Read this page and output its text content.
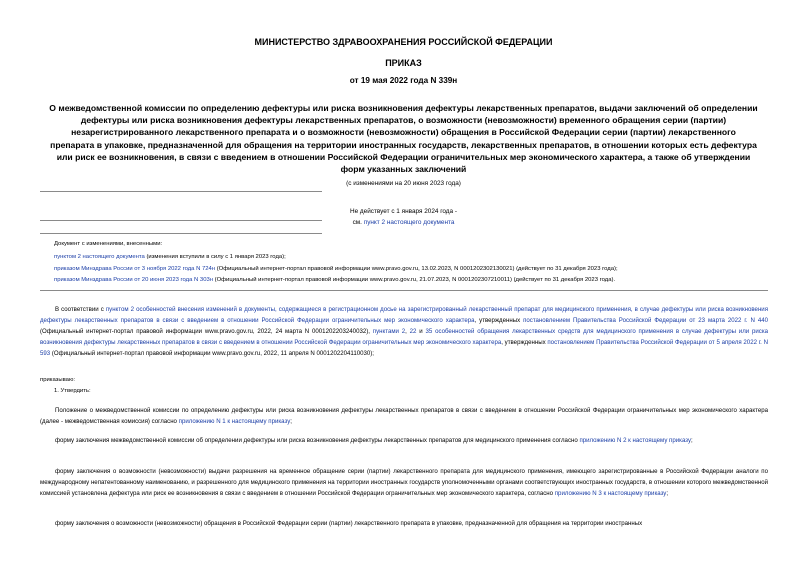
МИНИСТЕРСТВО ЗДРАВООХРАНЕНИЯ РОССИЙСКОЙ ФЕДЕРАЦИИ
ПРИКАЗ
от 19 мая 2022 года N 339н
О межведомственной комиссии по определению дефектуры или риска возникновения дефектуры лекарственных препаратов, выдачи заключений об определении
дефектуры или риска возникновения дефектуры лекарственных препаратов, о возможности (невозможности) временного обращения серии (партии)
незарегистрированного лекарственного препарата и о возможности (невозможности) обращения в Российской Федерации серии (партии) лекарственного
препарата в упаковке, предназначенной для обращения на территории иностранных государств, лекарственных препаратов, в отношении которых есть дефектура
или риск ее возникновения, в связи с введением в отношении Российской Федерации ограничительных мер экономического характера, а также об утверждении
форм указанных заключений
(с изменениями на 20 июня 2023 года)
Не действует с 1 января 2024 года -
см. пункт 2 настоящего документа
Документ с изменениями, внесенными:
пунктом 2 настоящего документа (изменения вступили в силу с 1 января 2023 года);
приказом Минздрава России от 3 ноября 2022 года N 724н (Официальный интернет-портал правовой информации www.pravo.gov.ru, 13.02.2023, N 0001202302130021) (действует по 31 декабря 2023 года);
приказом Минздрава России от 20 июня 2023 года N 303н (Официальный интернет-портал правовой информации www.pravo.gov.ru, 21.07.2023, N 0001202307210011) (действует по 31 декабря 2023 года).
В соответствии с пунктом 2 особенностей внесения изменений в документы, содержащиеся в регистрационном досье на зарегистрированный лекарственный препарат для медицинского применения, в случае дефектуры или риска возникновения дефектуры лекарственных препаратов в связи с введением в отношении Российской Федерации ограничительных мер экономического характера, утвержденных постановлением Правительства Российской Федерации от 23 марта 2022 г. N 440 (Официальный интернет-портал правовой информации www.pravo.gov.ru, 2022, 24 марта N 0001202203240032), пунктами 2, 22 и 35 особенностей обращения лекарственных средств для медицинского применения в случае дефектуры или риска возникновения дефектуры лекарственных препаратов в связи с введением в отношении Российской Федерации ограничительных мер экономического характера, утвержденных постановлением Правительства Российской Федерации от 5 апреля 2022 г. N 593 (Официальный интернет-портал правовой информации www.pravo.gov.ru, 2022, 11 апреля N 0001202204110030);
приказываю:
1. Утвердить:
Положение о межведомственной комиссии по определению дефектуры или риска возникновения дефектуры лекарственных препаратов в связи с введением в отношении Российской Федерации ограничительных мер экономического характера (далее - межведомственная комиссия) согласно приложению N 1 к настоящему приказу;
форму заключения межведомственной комиссии об определении дефектуры или риска возникновения дефектуры лекарственных препаратов для медицинского применения согласно приложению N 2 к настоящему приказу;
форму заключения о возможности (невозможности) выдачи разрешения на временное обращение серии (партии) лекарственного препарата для медицинского применения, имеющего зарегистрированные в Российской Федерации аналоги по международному непатентованному наименованию, и разрешенного для медицинского применения на территории иностранных государств уполномоченными органами соответствующих иностранных государств, в отношении которого межведомственной комиссией установлена дефектура или риск ее возникновения в связи с введением в отношении Российской Федерации ограничительных мер экономического характера, согласно приложению N 3 к настоящему приказу;
форму заключения о возможности (невозможности) обращения в Российской Федерации серии (партии) лекарственного препарата в упаковке, предназначенной для обращения на территории иностранных
